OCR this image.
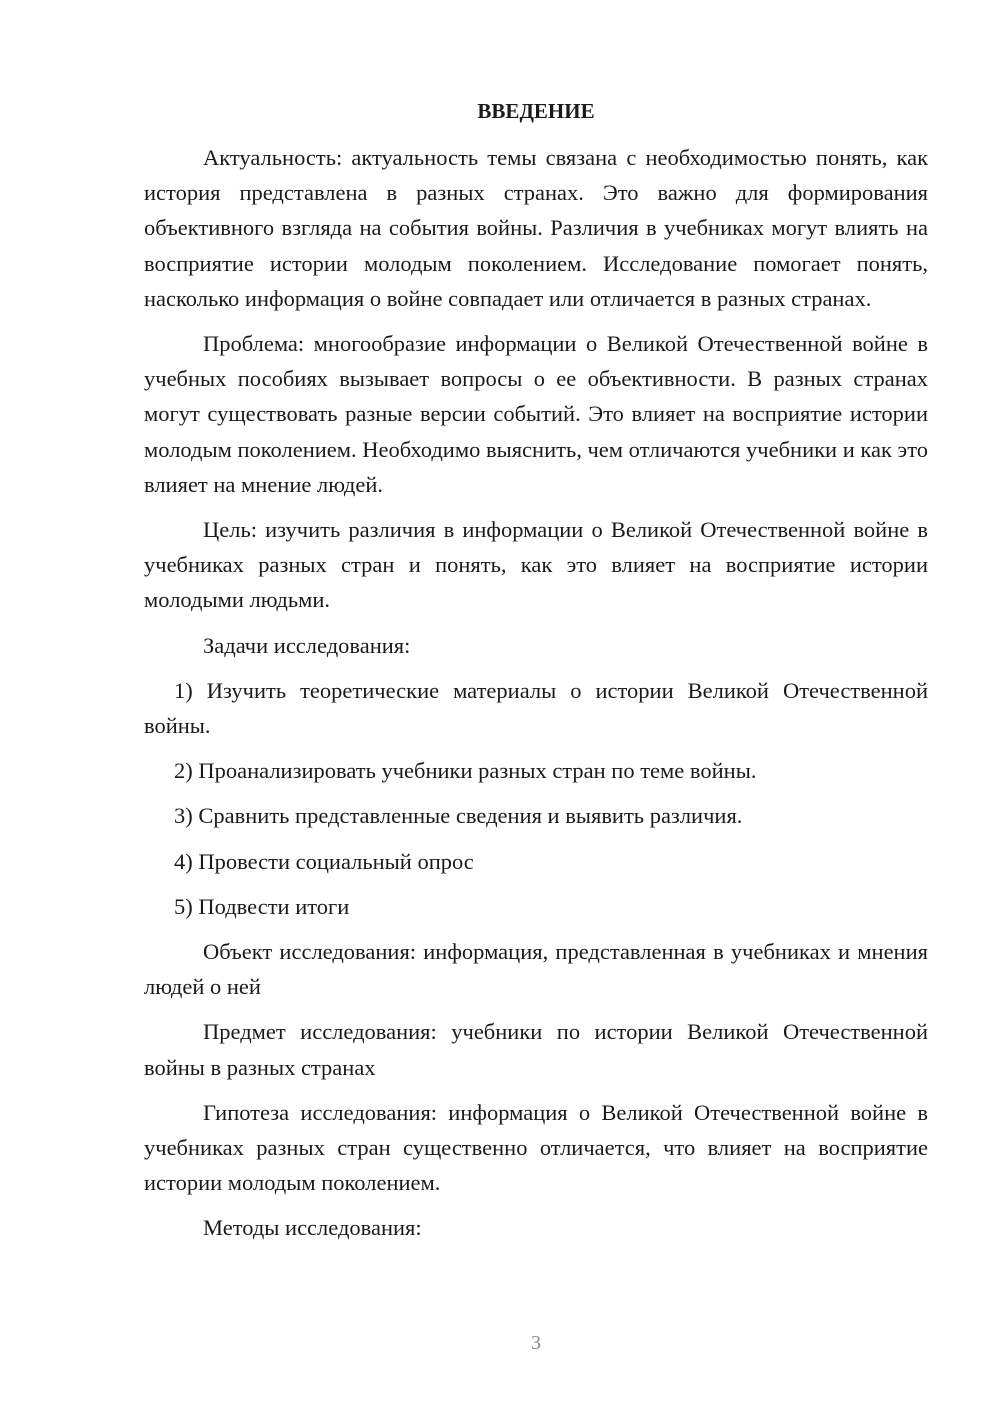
ВВЕДЕНИЕ

Актуальность: актуальность темы связана с необходимостью понять, как история представлена в разных странах. Это важно для формирования объективного взгляда на события войны. Различия в учебниках могут влиять на восприятие истории молодым поколением. Исследование помогает понять, насколько информация о войне совпадает или отличается в разных странах.

Проблема: многообразие информации о Великой Отечественной войне в учебных пособиях вызывает вопросы о ее объективности. В разных странах могут существовать разные версии событий. Это влияет на восприятие истории молодым поколением. Необходимо выяснить, чем отличаются учебники и как это влияет на мнение людей.

Цель: изучить различия в информации о Великой Отечественной войне в учебниках разных стран и понять, как это влияет на восприятие истории молодыми людьми.

Задачи исследования:

1) Изучить теоретические материалы о истории Великой Отечественной войны.

2) Проанализировать учебники разных стран по теме войны.

3) Сравнить представленные сведения и выявить различия.

4) Провести социальный опрос

5) Подвести итоги

Объект исследования: информация, представленная в учебниках и мнения людей о ней

Предмет исследования: учебники по истории Великой Отечественной войны в разных странах

Гипотеза исследования: информация о Великой Отечественной войне в учебниках разных стран существенно отличается, что влияет на восприятие истории молодым поколением.

Методы исследования:

3
